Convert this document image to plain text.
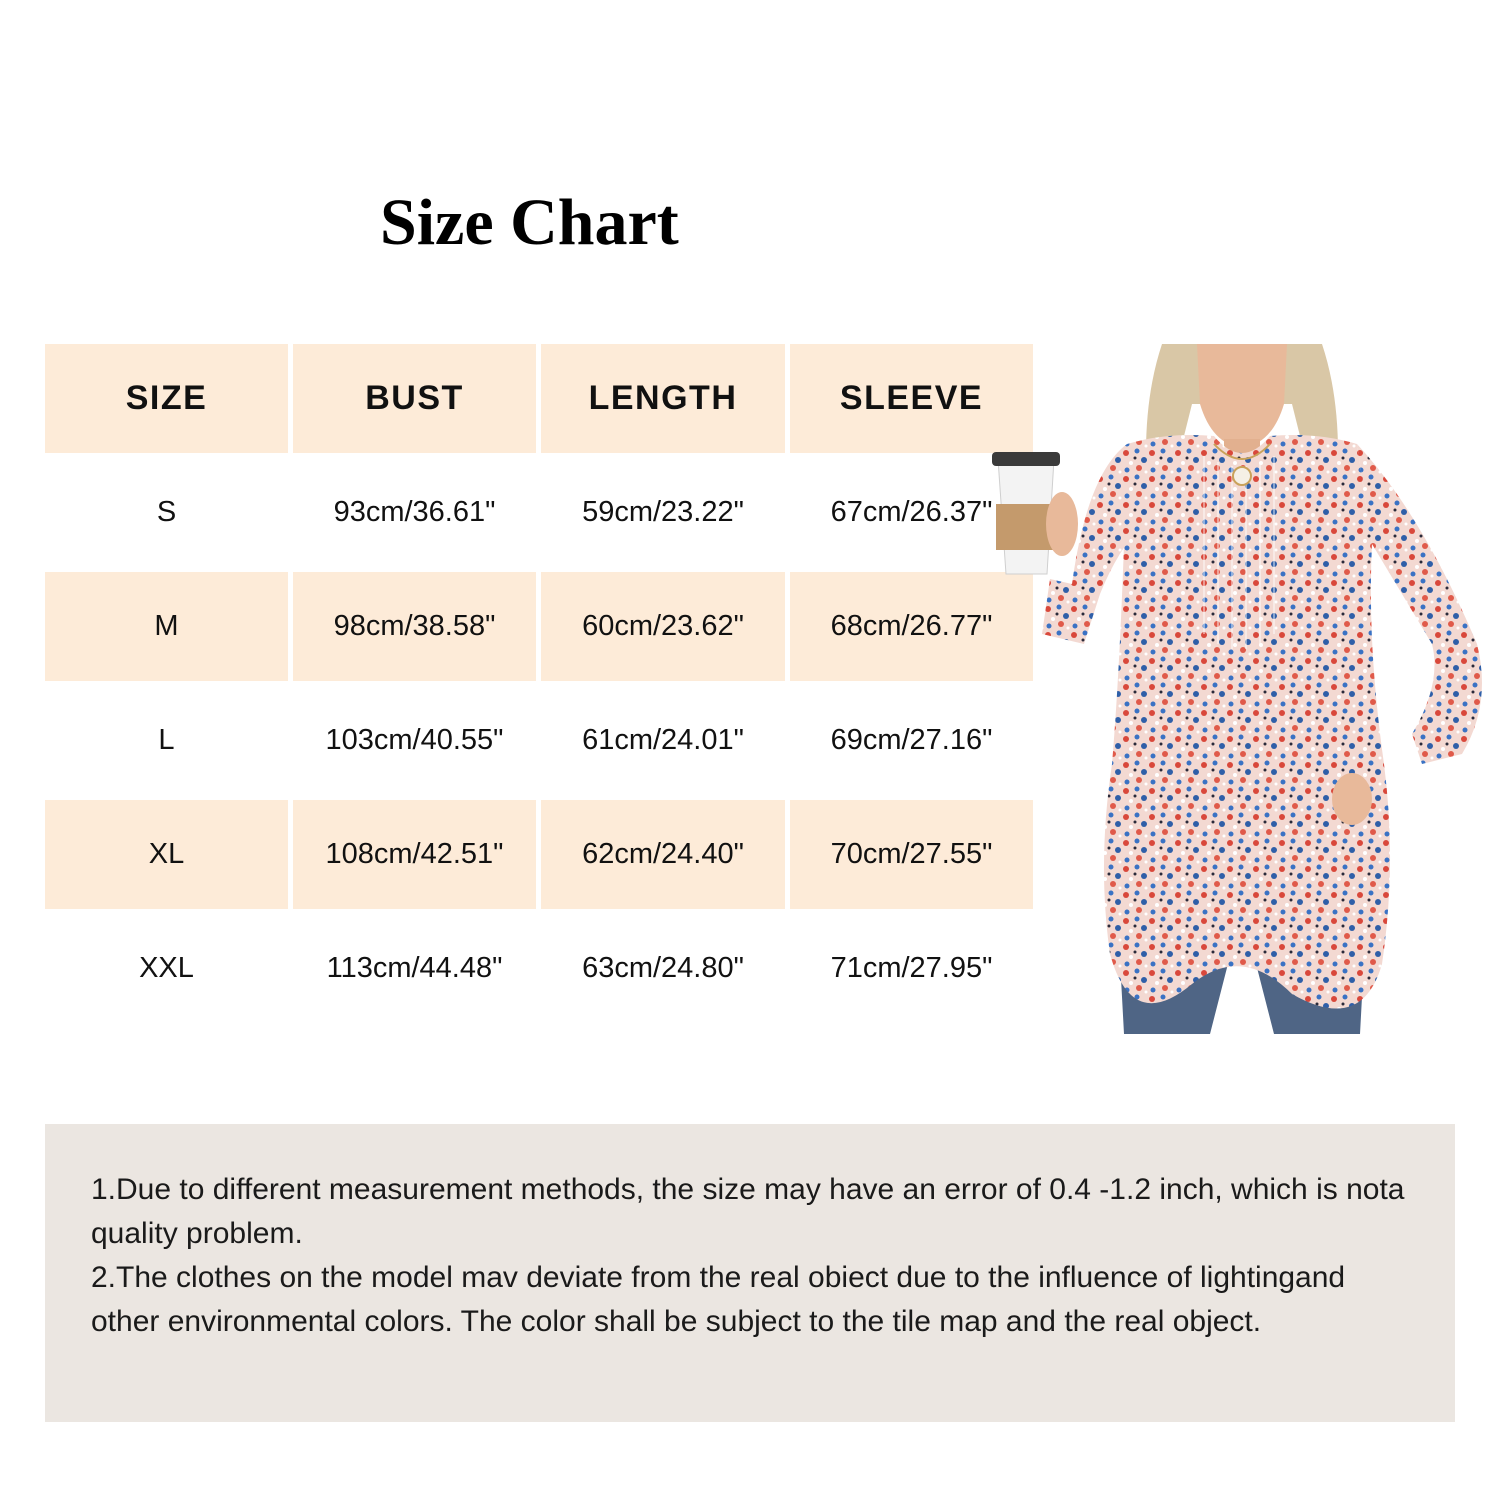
Size Chart
SIZE	BUST	LENGTH	SLEEVE
S	93cm/36.61"	59cm/23.22"	67cm/26.37"
M	98cm/38.58"	60cm/23.62"	68cm/26.77"
L	103cm/40.55"	61cm/24.01"	69cm/27.16"
XL	108cm/42.51"	62cm/24.40"	70cm/27.55"
XXL	113cm/44.48"	63cm/24.80"	71cm/27.95"

1.Due to different measurement methods, the size may have an error of 0.4 -1.2 inch, which is nota quality problem.

2.The clothes on the model mav deviate from the real obiect due to the influence of lightingand other environmental colors. The color shall be subject to the tile map and the real object.
